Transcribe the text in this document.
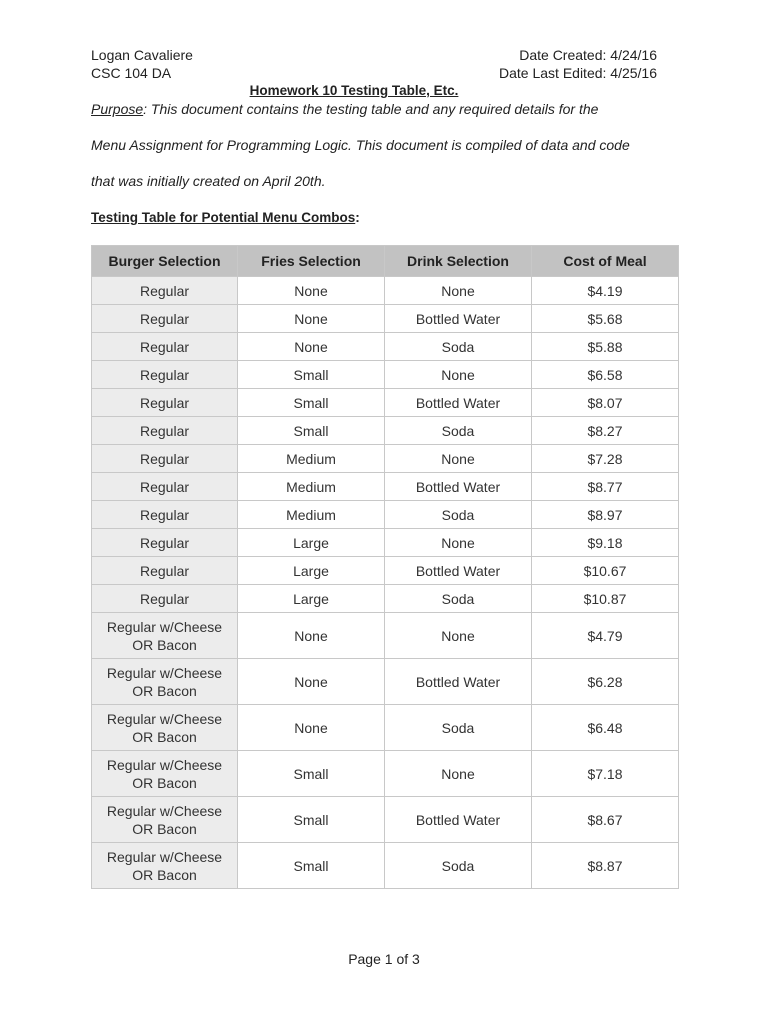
Logan Cavaliere	Date Created: 4/24/16
CSC 104 DA	Date Last Edited: 4/25/16
Homework 10 Testing Table, Etc.
Purpose: This document contains the testing table and any required details for the
Menu Assignment for Programming Logic. This document is compiled of data and code
that was initially created on April 20th.
Testing Table for Potential Menu Combos:
Burger Selection	Fries Selection	Drink Selection	Cost of Meal
Regular	None	None	$4.19
Regular	None	Bottled Water	$5.68
Regular	None	Soda	$5.88
Regular	Small	None	$6.58
Regular	Small	Bottled Water	$8.07
Regular	Small	Soda	$8.27
Regular	Medium	None	$7.28
Regular	Medium	Bottled Water	$8.77
Regular	Medium	Soda	$8.97
Regular	Large	None	$9.18
Regular	Large	Bottled Water	$10.67
Regular	Large	Soda	$10.87
Regular w/Cheese
OR Bacon	None	None	$4.79
Regular w/Cheese
OR Bacon	None	Bottled Water	$6.28
Regular w/Cheese
OR Bacon	None	Soda	$6.48
Regular w/Cheese
OR Bacon	Small	None	$7.18
Regular w/Cheese
OR Bacon	Small	Bottled Water	$8.67
Regular w/Cheese
OR Bacon	Small	Soda	$8.87
Page 1 of 3
